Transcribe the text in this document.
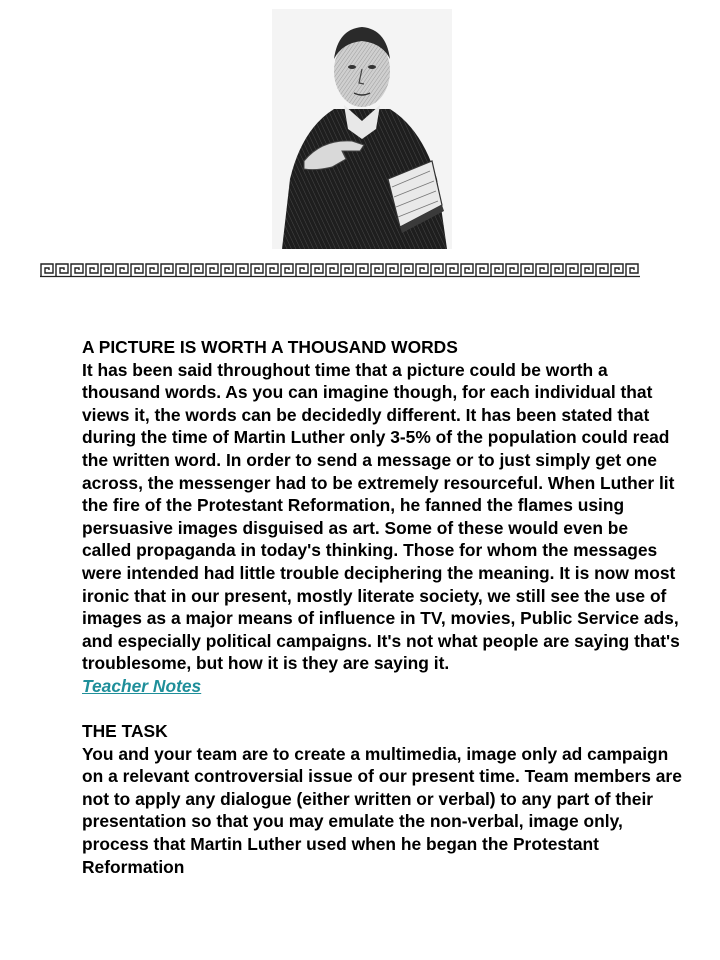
A PICTURE IS WORTH A THOUSAND WORDS

It has been said throughout time that a picture could be worth a thousand words. As you can imagine though, for each individual that views it, the words can be decidedly different. It has been stated that during the time of Martin Luther only 3-5% of the population could read the written word. In order to send a message or to just simply get one across, the messenger had to be extremely resourceful. When Luther lit the fire of the Protestant Reformation, he fanned the flames using persuasive images disguised as art. Some of these would even be called propaganda in today's thinking. Those for whom the messages were intended had little trouble deciphering the meaning. It is now most ironic that in our present, mostly literate society, we still see the use of images as a major means of influence in TV, movies, Public Service ads, and especially political campaigns. It's not what people are saying that's troublesome, but how it is they are saying it.

Teacher Notes

THE TASK

You and your team are to create a multimedia, image only ad campaign on a relevant controversial issue of our present time. Team members are not to apply any dialogue (either written or verbal) to any part of their presentation so that you may emulate the non-verbal, image only, process that Martin Luther used when he began the Protestant Reformation
